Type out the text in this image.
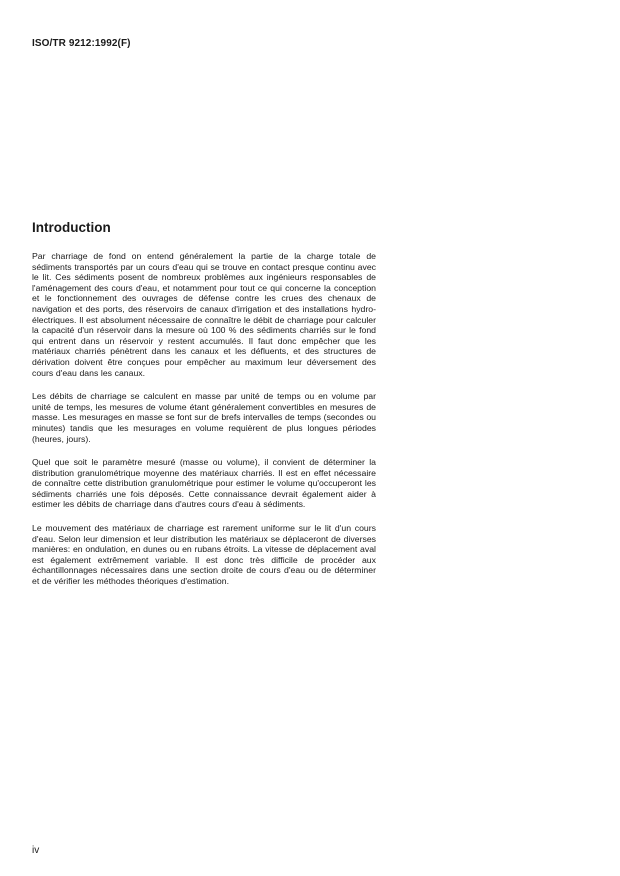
ISO/TR 9212:1992(F)

Introduction

Par charriage de fond on entend généralement la partie de la charge totale de sédiments transportés par un cours d'eau qui se trouve en contact presque continu avec le lit. Ces sédiments posent de nombreux problèmes aux ingénieurs responsables de l'aménagement des cours d'eau, et notamment pour tout ce qui concerne la conception et le fonctionnement des ouvrages de défense contre les crues des chenaux de navigation et des ports, des réservoirs de canaux d'irrigation et des installations hydro-électriques. Il est absolument nécessaire de connaître le débit de charriage pour calculer la capacité d'un réservoir dans la mesure où 100 % des sédiments charriés sur le fond qui entrent dans un réservoir y restent accumulés. Il faut donc empêcher que les matériaux charriés pénètrent dans les canaux et les défluents, et des structures de dérivation doivent être conçues pour empêcher au maximum leur déversement des cours d'eau dans les canaux.

Les débits de charriage se calculent en masse par unité de temps ou en volume par unité de temps, les mesures de volume étant généralement convertibles en mesures de masse. Les mesurages en masse se font sur de brefs intervalles de temps (secondes ou minutes) tandis que les mesurages en volume requièrent de plus longues périodes (heures, jours).

Quel que soit le paramètre mesuré (masse ou volume), il convient de déterminer la distribution granulométrique moyenne des matériaux charriés. Il est en effet nécessaire de connaître cette distribution granulométrique pour estimer le volume qu'occuperont les sédiments charriés une fois déposés. Cette connaissance devrait également aider à estimer les débits de charriage dans d'autres cours d'eau à sédiments.

Le mouvement des matériaux de charriage est rarement uniforme sur le lit d'un cours d'eau. Selon leur dimension et leur distribution les matériaux se déplaceront de diverses manières: en ondulation, en dunes ou en rubans étroits. La vitesse de déplacement aval est également extrêmement variable. Il est donc très difficile de procéder aux échantillonnages nécessaires dans une section droite de cours d'eau ou de déterminer et de vérifier les méthodes théoriques d'estimation.

iv
